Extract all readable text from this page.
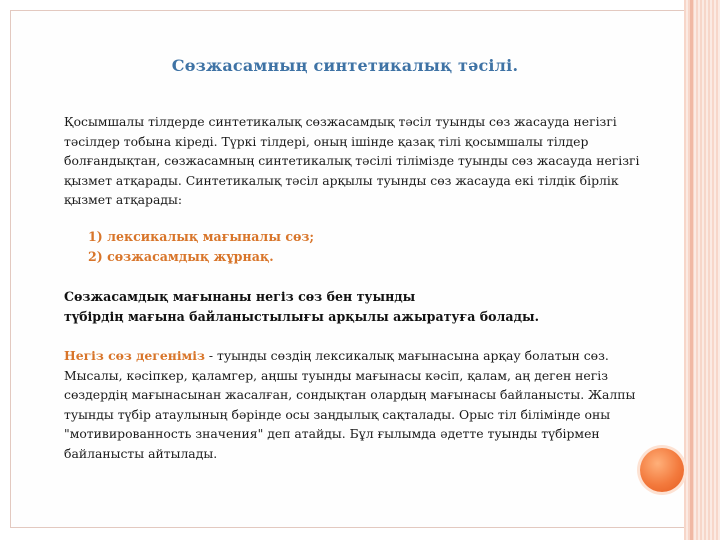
Сөзжасамның синтетикалық тәсілі.
Қосымшалы тілдерде синтетикалық сөзжасамдық тәсіл туынды сөз жасауда негізгі тәсілдер тобына кіреді. Түркі тілдері, оның ішінде қазақ тілі қосымшалы тілдер болғандықтан, сөзжасамның синтетикалық тәсілі тілімізде туынды сөз жасауда негізгі қызмет атқарады. Синтетикалық тәсіл арқылы туынды сөз жасауда екі тілдік бірлік қызмет атқарады:
1) лексикалық мағыналы сөз;
2) сөзжасамдық жұрнақ.
Сөзжасамдық мағынаны негіз сөз бен туынды
түбірдің мағына байланыстылығы арқылы ажыратуға болады.
Негіз сөз дегеніміз - туынды сөздің лексикалық мағынасына арқау болатын сөз. Мысалы, кәсіпкер, қаламгер, аңшы туынды мағынасы кәсіп, қалам, аң деген негіз сөздердің мағынасынан жасалған, сондықтан олардың мағынасы байланысты. Жалпы туынды түбір атаулының бәрінде осы заңдылық сақталады. Орыс тіл білімінде оны "мотивированность значения" деп атайды. Бұл ғылымда әдетте туынды түбірмен байланысты айтылады.
